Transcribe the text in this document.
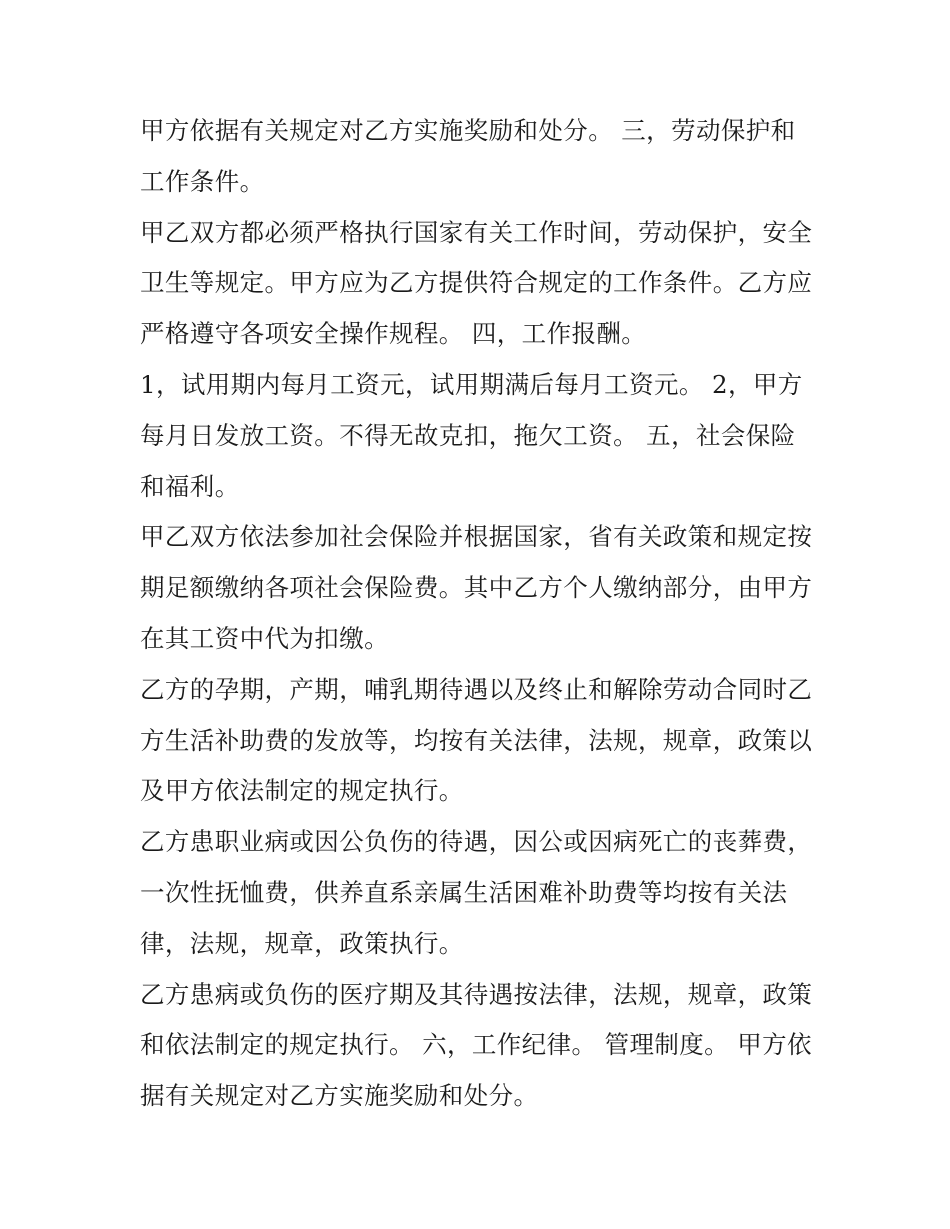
甲方依据有关规定对乙方实施奖励和处分。 三，劳动保护和
工作条件。
甲乙双方都必须严格执行国家有关工作时间，劳动保护，安全
卫生等规定。甲方应为乙方提供符合规定的工作条件。乙方应
严格遵守各项安全操作规程。 四，工作报酬。
1，试用期内每月工资元，试用期满后每月工资元。 2，甲方
每月日发放工资。不得无故克扣，拖欠工资。 五，社会保险
和福利。
甲乙双方依法参加社会保险并根据国家，省有关政策和规定按
期足额缴纳各项社会保险费。其中乙方个人缴纳部分，由甲方
在其工资中代为扣缴。
乙方的孕期，产期，哺乳期待遇以及终止和解除劳动合同时乙
方生活补助费的发放等，均按有关法律，法规，规章，政策以
及甲方依法制定的规定执行。
乙方患职业病或因公负伤的待遇，因公或因病死亡的丧葬费，
一次性抚恤费，供养直系亲属生活困难补助费等均按有关法
律，法规，规章，政策执行。
乙方患病或负伤的医疗期及其待遇按法律，法规，规章，政策
和依法制定的规定执行。 六，工作纪律。 管理制度。 甲方依
据有关规定对乙方实施奖励和处分。
